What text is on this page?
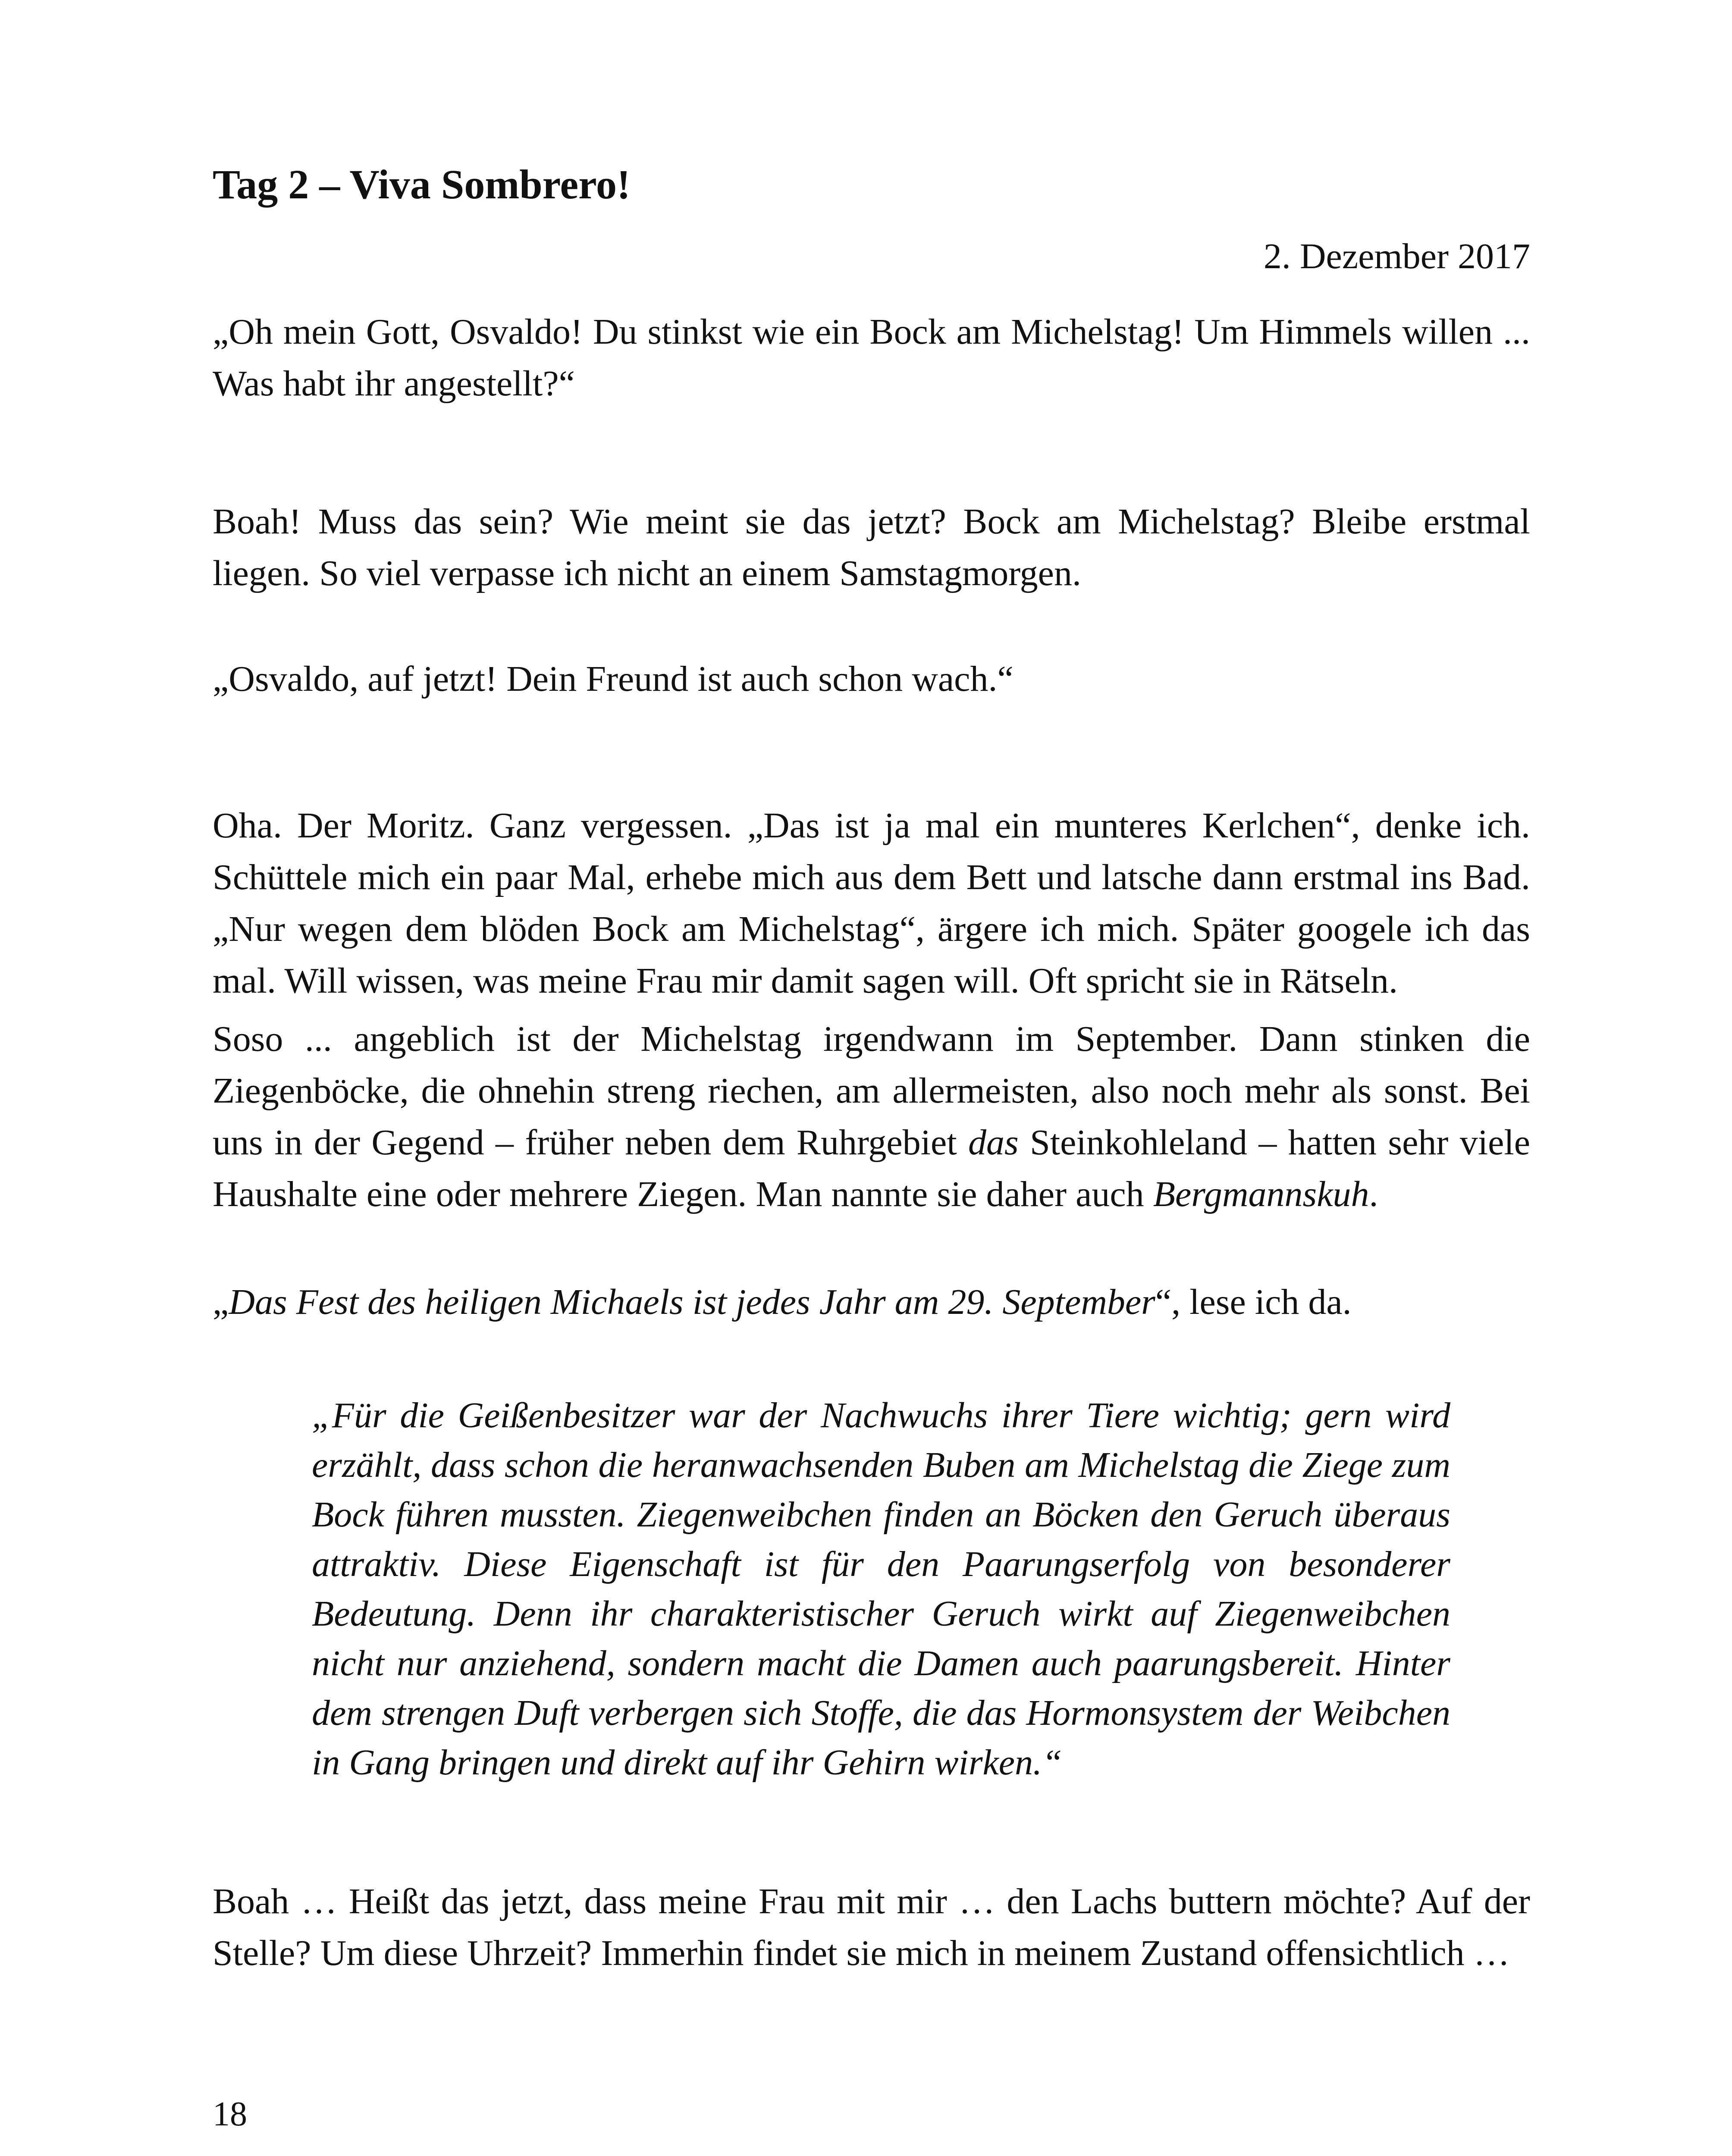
Tag 2 – Viva Sombrero!
2. Dezember 2017

„Oh mein Gott, Osvaldo! Du stinkst wie ein Bock am Michelstag! Um Himmels willen ... Was habt ihr angestellt?“

Boah! Muss das sein? Wie meint sie das jetzt? Bock am Michelstag? Bleibe erstmal liegen. So viel verpasse ich nicht an einem Samstagmorgen.

„Osvaldo, auf jetzt! Dein Freund ist auch schon wach.“

Oha. Der Moritz. Ganz vergessen. „Das ist ja mal ein munteres Kerlchen“, denke ich. Schüttele mich ein paar Mal, erhebe mich aus dem Bett und latsche dann erstmal ins Bad. „Nur wegen dem blöden Bock am Michelstag“, ärgere ich mich. Später googele ich das mal. Will wissen, was meine Frau mir damit sagen will. Oft spricht sie in Rätseln.

Soso ... angeblich ist der Michelstag irgendwann im September. Dann stinken die Ziegenböcke, die ohnehin streng riechen, am allermeisten, also noch mehr als sonst. Bei uns in der Gegend – früher neben dem Ruhrgebiet das Steinkohleland – hatten sehr viele Haushalte eine oder mehrere Ziegen. Man nannte sie daher auch Bergmannskuh.

„Das Fest des heiligen Michaels ist jedes Jahr am 29. September“, lese ich da.

„Für die Geißenbesitzer war der Nachwuchs ihrer Tiere wichtig; gern wird erzählt, dass schon die heranwachsenden Buben am Michelstag die Ziege zum Bock führen mussten. Ziegenweibchen finden an Böcken den Geruch überaus attraktiv. Diese Eigenschaft ist für den Paarungserfolg von besonderer Bedeutung. Denn ihr charakteristischer Geruch wirkt auf Ziegenweibchen nicht nur anziehend, sondern macht die Damen auch paarungsbereit. Hinter dem strengen Duft verbergen sich Stoffe, die das Hormonsystem der Weibchen in Gang bringen und direkt auf ihr Gehirn wirken.“

Boah … Heißt das jetzt, dass meine Frau mit mir … den Lachs buttern möchte? Auf der Stelle? Um diese Uhrzeit? Immerhin findet sie mich in meinem Zustand offensichtlich …

18
